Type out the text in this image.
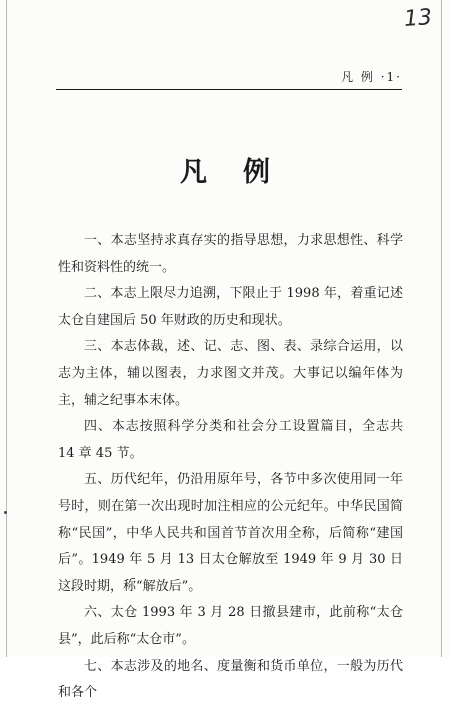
13
凡 例 ·1·
凡例

一、本志坚持求真存实的指导思想，力求思想性、科学性和资料性的统一。

二、本志上限尽力追溯，下限止于 1998 年，着重记述太仓自建国后 50 年财政的历史和现状。

三、本志体裁，述、记、志、图、表、录综合运用，以志为主体，辅以图表，力求图文并茂。大事记以编年体为主，辅之纪事本末体。

四、本志按照科学分类和社会分工设置篇目，全志共 14 章 45 节。

五、历代纪年，仍沿用原年号，各节中多次使用同一年号时，则在第一次出现时加注相应的公元纪年。中华民国简称“民国”，中华人民共和国首节首次用全称，后简称“建国后”。1949 年 5 月 13 日太仓解放至 1949 年 9 月 30 日这段时期，称“解放后”。

六、太仓 1993 年 3 月 28 日撤县建市，此前称“太仓县”，此后称“太仓市”。

七、本志涉及的地名、度量衡和货币单位，一般为历代和各个
